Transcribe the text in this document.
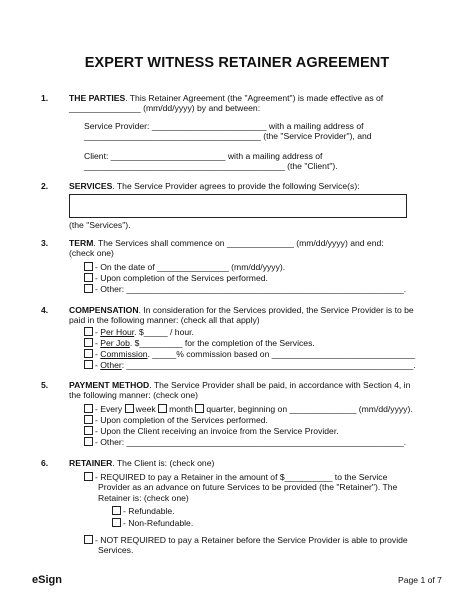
EXPERT WITNESS RETAINER AGREEMENT
1. THE PARTIES. This Retainer Agreement (the "Agreement") is made effective as of
_______________ (mm/dd/yyyy) by and between:
Service Provider: ________________________ with a mailing address of
_____________________________________ (the "Service Provider"), and
Client: ________________________ with a mailing address of
__________________________________________ (the "Client").
2. SERVICES. The Service Provider agrees to provide the following Service(s):
(the "Services").
3. TERM. The Services shall commence on ______________ (mm/dd/yyyy) and end:
(check one)
- On the date of _______________ (mm/dd/yyyy).
- Upon completion of the Services performed.
- Other: __________________________________________________________.
4. COMPENSATION. In consideration for the Services provided, the Service Provider is to be
paid in the following manner: (check all that apply)
- Per Hour. $_____ / hour.
- Per Job. $_________ for the completion of the Services.
- Commission. _____% commission based on ______________________________
- Other: ____________________________________________________________.
5. PAYMENT METHOD. The Service Provider shall be paid, in accordance with Section 4, in
the following manner: (check one)
- Every week month quarter, beginning on ______________ (mm/dd/yyyy).
- Upon completion of the Services performed.
- Upon the Client receiving an invoice from the Service Provider.
- Other: __________________________________________________________.
6. RETAINER. The Client is: (check one)
- REQUIRED to pay a Retainer in the amount of $__________ to the Service
Provider as an advance on future Services to be provided (the "Retainer"). The
Retainer is: (check one)
- Refundable.
- Non-Refundable.
- NOT REQUIRED to pay a Retainer before the Service Provider is able to provide
Services.
eSign	Page 1 of 7
